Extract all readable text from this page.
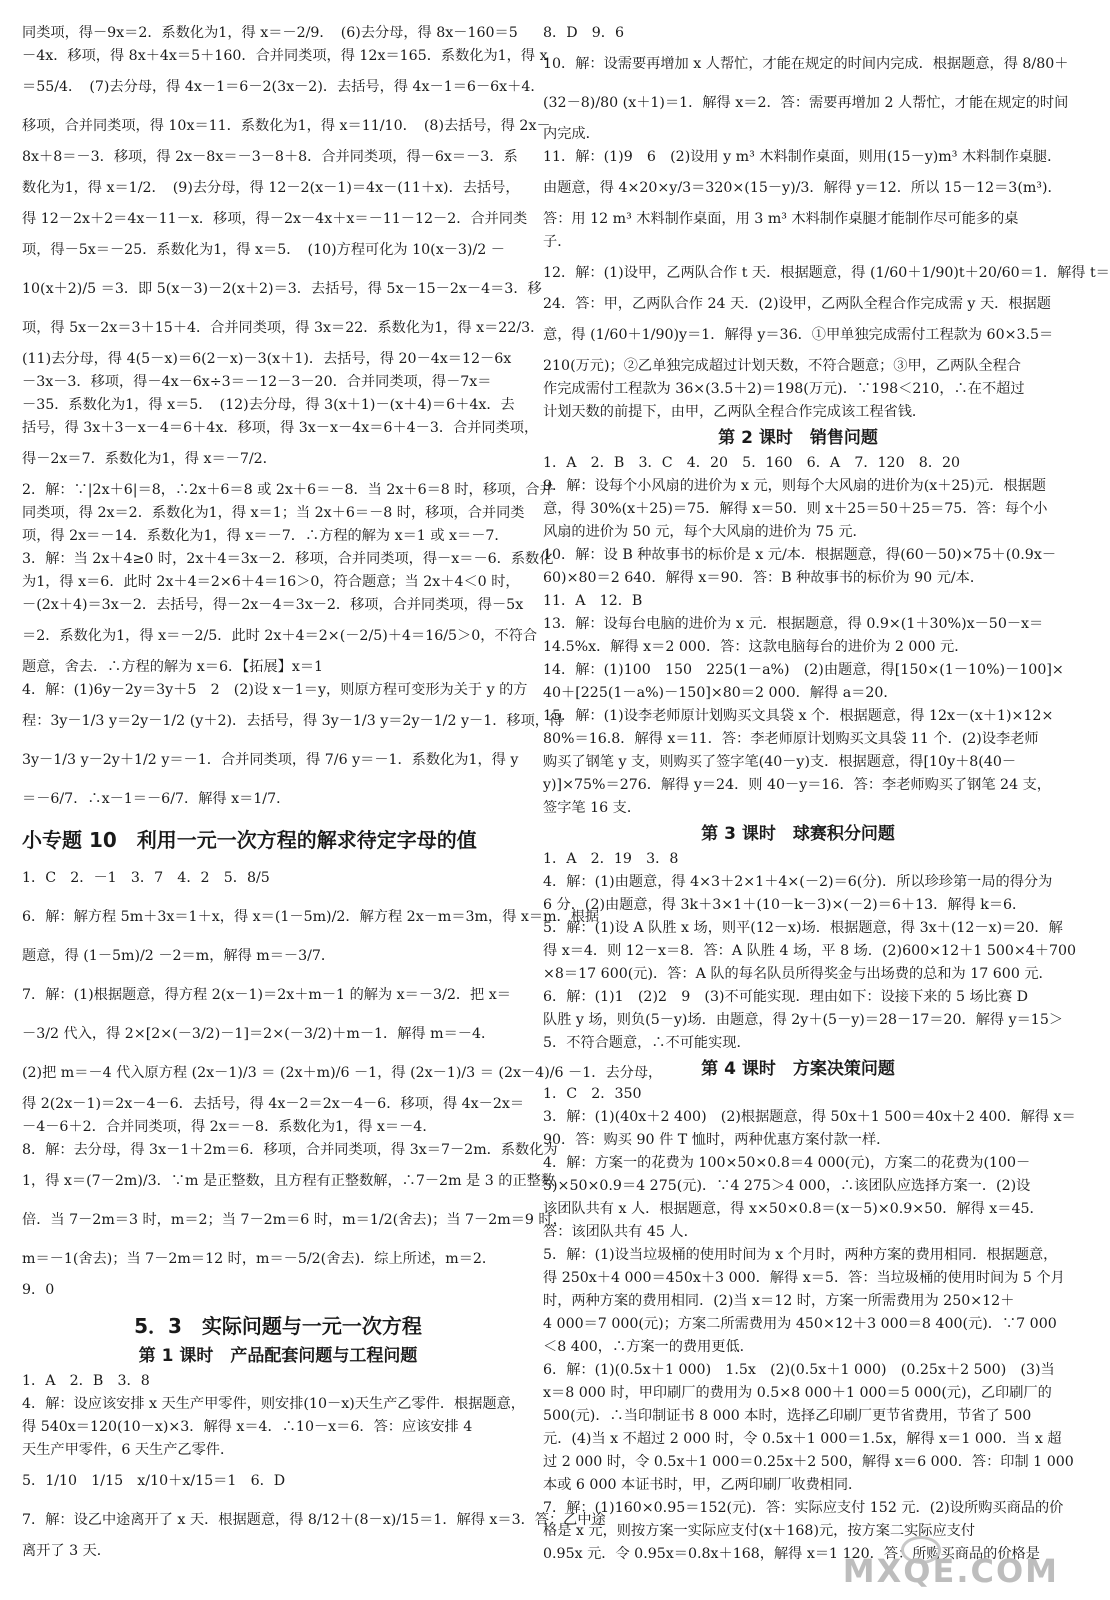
同类项，得－9x＝2．系数化为1，得 x＝－2/9．　(6)去分母，得 8x－160＝5
－4x．移项，得 8x＋4x＝5＋160．合并同类项，得 12x＝165．系数化为1，得 x
＝55/4．　(7)去分母，得 4x－1＝6－2(3x－2)．去括号，得 4x－1＝6－6x＋4．
移项，合并同类项，得 10x＝11．系数化为1，得 x＝11/10．　(8)去括号，得 2x－
8x＋8＝－3．移项，得 2x－8x＝－3－8＋8．合并同类项，得－6x＝－3．系
数化为1，得 x＝1/2．　(9)去分母，得 12－2(x－1)＝4x－(11＋x)．去括号，
得 12－2x＋2＝4x－11－x．移项，得－2x－4x＋x＝－11－12－2．合并同类
项，得－5x＝－25．系数化为1，得 x＝5．　(10)方程可化为 10(x－3)/2 －
10(x＋2)/5 ＝3．即 5(x－3)－2(x＋2)＝3．去括号，得 5x－15－2x－4＝3．移
项，得 5x－2x＝3＋15＋4．合并同类项，得 3x＝22．系数化为1，得 x＝22/3．
(11)去分母，得 4(5－x)＝6(2－x)－3(x＋1)．去括号，得 20－4x＝12－6x
－3x－3．移项，得－4x－6x÷3＝－12－3－20．合并同类项，得－7x＝
－35．系数化为1，得 x＝5．　(12)去分母，得 3(x＋1)－(x＋4)＝6＋4x．去
括号，得 3x＋3－x－4＝6＋4x．移项，得 3x－x－4x＝6＋4－3．合并同类项，
得－2x＝7．系数化为1，得 x＝－7/2．
2．解：∵|2x＋6|＝8，∴2x＋6＝8 或 2x＋6＝－8．当 2x＋6＝8 时，移项，合并
同类项，得 2x＝2．系数化为1，得 x＝1；当 2x＋6＝－8 时，移项，合并同类
项，得 2x＝－14．系数化为1，得 x＝－7．∴方程的解为 x＝1 或 x＝－7．
3．解：当 2x＋4≥0 时，2x＋4＝3x－2．移项，合并同类项，得－x＝－6．系数化
为1，得 x＝6．此时 2x＋4＝2×6＋4＝16＞0，符合题意；当 2x＋4＜0 时，
－(2x＋4)＝3x－2．去括号，得－2x－4＝3x－2．移项，合并同类项，得－5x
＝2．系数化为1，得 x＝－2/5．此时 2x＋4＝2×(－2/5)＋4＝16/5＞0，不符合
题意，舍去．∴方程的解为 x＝6．【拓展】x＝1
4．解：(1)6y－2y＝3y＋5　2　(2)设 x－1＝y，则原方程可变形为关于 y 的方
程：3y－1/3 y＝2y－1/2 (y＋2)．去括号，得 3y－1/3 y＝2y－1/2 y－1．移项，得
3y－1/3 y－2y＋1/2 y＝－1．合并同类项，得 7/6 y＝－1．系数化为1，得 y
＝－6/7．∴x－1＝－6/7．解得 x＝1/7．
小专题 10　利用一元一次方程的解求待定字母的值
1．C　2．－1　3．7　4．2　5．8/5
6．解：解方程 5m＋3x＝1＋x，得 x＝(1－5m)/2．解方程 2x－m＝3m，得 x＝m．根据
题意，得 (1－5m)/2 －2＝m，解得 m＝－3/7．
7．解：(1)根据题意，得方程 2(x－1)＝2x＋m－1 的解为 x＝－3/2．把 x＝
－3/2 代入，得 2×[2×(－3/2)－1]＝2×(－3/2)＋m－1．解得 m＝－4．
(2)把 m＝－4 代入原方程 (2x－1)/3 ＝ (2x＋m)/6 －1，得 (2x－1)/3 ＝ (2x－4)/6 －1．去分母，
得 2(2x－1)＝2x－4－6．去括号，得 4x－2＝2x－4－6．移项，得 4x－2x＝
－4－6＋2．合并同类项，得 2x＝－8．系数化为1，得 x＝－4．
8．解：去分母，得 3x－1＋2m＝6．移项，合并同类项，得 3x＝7－2m．系数化为
1，得 x＝(7－2m)/3．∵m 是正整数，且方程有正整数解，∴7－2m 是 3 的正整数
倍．当 7－2m＝3 时，m＝2；当 7－2m＝6 时，m＝1/2(舍去)；当 7－2m＝9 时，
m＝－1(舍去)；当 7－2m＝12 时，m＝－5/2(舍去)．综上所述，m＝2．
9．0
5．3　实际问题与一元一次方程
第 1 课时　产品配套问题与工程问题
1．A　2．B　3．8
4．解：设应该安排 x 天生产甲零件，则安排(10－x)天生产乙零件．根据题意，
得 540x＝120(10－x)×3．解得 x＝4．∴10－x＝6．答：应该安排 4
天生产甲零件，6 天生产乙零件．
5．1/10　1/15　x/10＋x/15＝1　6．D
7．解：设乙中途离开了 x 天．根据题意，得 8/12＋(8－x)/15＝1．解得 x＝3．答：乙中途
离开了 3 天．
8．D　9．6
10．解：设需要再增加 x 人帮忙，才能在规定的时间内完成．根据题意，得 8/80＋
(32－8)/80 (x＋1)＝1．解得 x＝2．答：需要再增加 2 人帮忙，才能在规定的时间
内完成．
11．解：(1)9　6　(2)设用 y m³ 木料制作桌面，则用(15－y)m³ 木料制作桌腿．
由题意，得 4×20×y/3＝320×(15－y)/3．解得 y＝12．所以 15－12＝3(m³)．
答：用 12 m³ 木料制作桌面，用 3 m³ 木料制作桌腿才能制作尽可能多的桌
子．
12．解：(1)设甲，乙两队合作 t 天．根据题意，得 (1/60＋1/90)t＋20/60＝1．解得 t＝
24．答：甲，乙两队合作 24 天．(2)设甲，乙两队全程合作完成需 y 天．根据题
意，得 (1/60＋1/90)y＝1．解得 y＝36．①甲单独完成需付工程款为 60×3.5＝
210(万元)；②乙单独完成超过计划天数，不符合题意；③甲，乙两队全程合
作完成需付工程款为 36×(3.5＋2)＝198(万元)．∵198＜210，∴在不超过
计划天数的前提下，由甲，乙两队全程合作完成该工程省钱．
第 2 课时　销售问题
1．A　2．B　3．C　4．20　5．160　6．A　7．120　8．20
9．解：设每个小风扇的进价为 x 元，则每个大风扇的进价为(x＋25)元．根据题
意，得 30%(x＋25)＝75．解得 x＝50．则 x＋25＝50＋25＝75．答：每个小
风扇的进价为 50 元，每个大风扇的进价为 75 元．
10．解：设 B 种故事书的标价是 x 元/本．根据题意，得(60－50)×75＋(0.9x－
60)×80＝2 640．解得 x＝90．答：B 种故事书的标价为 90 元/本．
11．A　12．B
13．解：设每台电脑的进价为 x 元．根据题意，得 0.9×(1＋30%)x－50－x＝
14.5%x．解得 x＝2 000．答：这款电脑每台的进价为 2 000 元．
14．解：(1)100　150　225(1－a%)　(2)由题意，得[150×(1－10%)－100]×
40＋[225(1－a%)－150]×80＝2 000．解得 a＝20．
15．解：(1)设李老师原计划购买文具袋 x 个．根据题意，得 12x－(x＋1)×12×
80%＝16.8．解得 x＝11．答：李老师原计划购买文具袋 11 个．(2)设李老师
购买了钢笔 y 支，则购买了签字笔(40－y)支．根据题意，得[10y＋8(40－
y)]×75%＝276．解得 y＝24．则 40－y＝16．答：李老师购买了钢笔 24 支，
签字笔 16 支．
第 3 课时　球赛积分问题
1．A　2．19　3．8
4．解：(1)由题意，得 4×3＋2×1＋4×(－2)＝6(分)．所以珍珍第一局的得分为
6 分．(2)由题意，得 3k＋3×1＋(10－k－3)×(－2)＝6＋13．解得 k＝6．
5．解：(1)设 A 队胜 x 场，则平(12－x)场．根据题意，得 3x＋(12－x)＝20．解
得 x＝4．则 12－x＝8．答：A 队胜 4 场，平 8 场．(2)600×12＋1 500×4＋700
×8＝17 600(元)．答：A 队的每名队员所得奖金与出场费的总和为 17 600 元．
6．解：(1)1　(2)2　9　(3)不可能实现．理由如下：设接下来的 5 场比赛 D
队胜 y 场，则负(5－y)场．由题意，得 2y＋(5－y)＝28－17＝20．解得 y＝15＞
5．不符合题意，∴不可能实现．
第 4 课时　方案决策问题
1．C　2．350
3．解：(1)(40x＋2 400)　(2)根据题意，得 50x＋1 500＝40x＋2 400．解得 x＝
90．答：购买 90 件 T 恤时，两种优惠方案付款一样．
4．解：方案一的花费为 100×50×0.8＝4 000(元)，方案二的花费为(100－
5)×50×0.9＝4 275(元)．∵4 275＞4 000，∴该团队应选择方案一．(2)设
该团队共有 x 人．根据题意，得 x×50×0.8＝(x－5)×0.9×50．解得 x＝45．
答：该团队共有 45 人．
5．解：(1)设当垃圾桶的使用时间为 x 个月时，两种方案的费用相同．根据题意，
得 250x＋4 000＝450x＋3 000．解得 x＝5．答：当垃圾桶的使用时间为 5 个月
时，两种方案的费用相同．(2)当 x＝12 时，方案一所需费用为 250×12＋
4 000＝7 000(元)；方案二所需费用为 450×12＋3 000＝8 400(元)．∵7 000
＜8 400，∴方案一的费用更低．
6．解：(1)(0.5x＋1 000)　1.5x　(2)(0.5x＋1 000)　(0.25x＋2 500)　(3)当
x＝8 000 时，甲印刷厂的费用为 0.5×8 000＋1 000＝5 000(元)，乙印刷厂的
500(元)．∴当印制证书 8 000 本时，选择乙印刷厂更节省费用，节省了 500
元．(4)当 x 不超过 2 000 时，令 0.5x＋1 000＝1.5x，解得 x＝1 000．当 x 超
过 2 000 时，令 0.5x＋1 000＝0.25x＋2 500，解得 x＝6 000．答：印制 1 000
本或 6 000 本证书时，甲，乙两印刷厂收费相同．
7．解：(1)160×0.95＝152(元)．答：实际应支付 152 元．(2)设所购买商品的价
格是 x 元，则按方案一实际应支付(x＋168)元，按方案二实际应支付
0.95x 元．令 0.95x＝0.8x＋168，解得 x＝1 120．答：所购买商品的价格是
MXQE.COM
